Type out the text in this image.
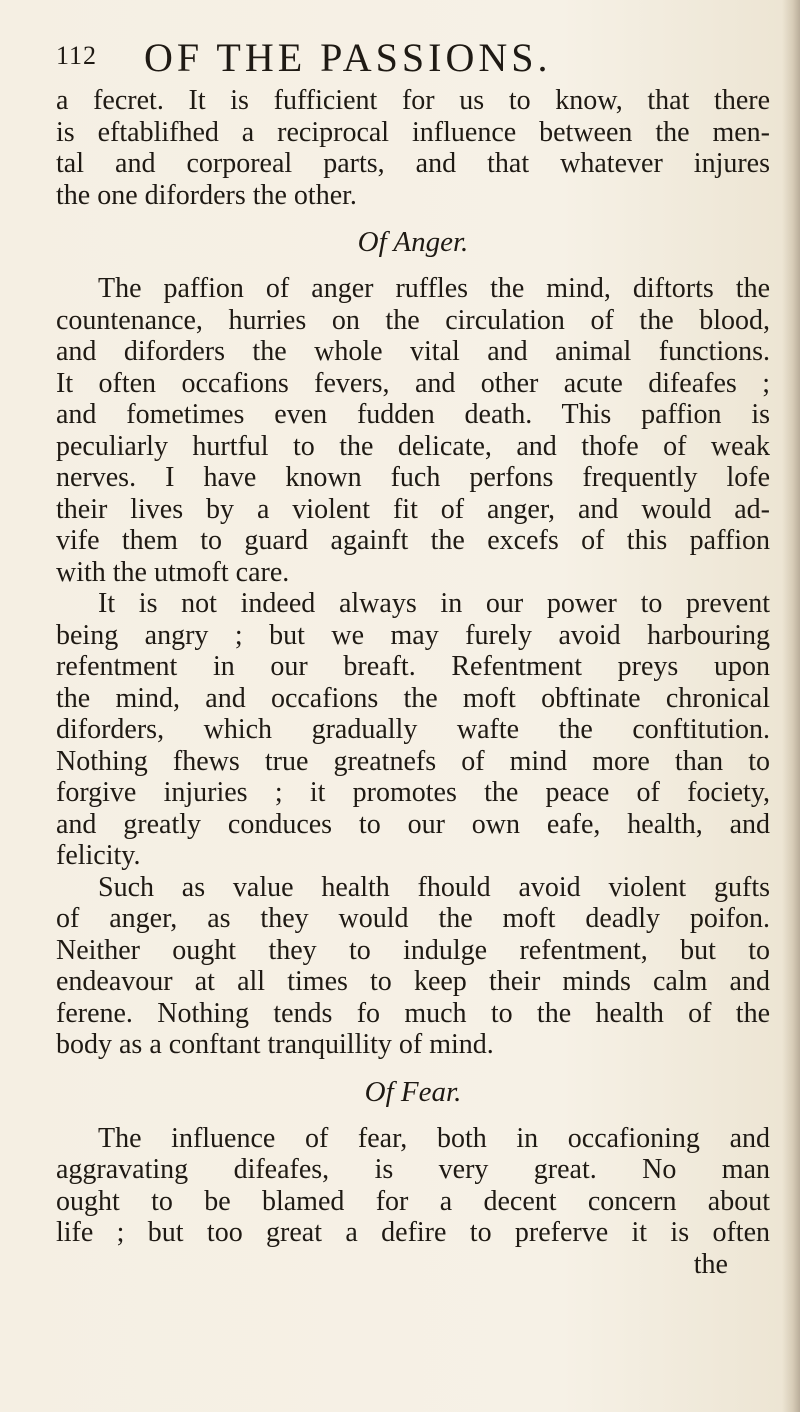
112 OF THE PASSIONS.
a fecret. It is fufficient for us to know, that there
is eftablifhed a reciprocal influence between the men-
tal and corporeal parts, and that whatever injures
the one diforders the other.
Of Anger.
The paffion of anger ruffles the mind, diftorts the
countenance, hurries on the circulation of the blood,
and diforders the whole vital and animal functions.
It often occafions fevers, and other acute difeafes ;
and fometimes even fudden death. This paffion is
peculiarly hurtful to the delicate, and thofe of weak
nerves. I have known fuch perfons frequently lofe
their lives by a violent fit of anger, and would ad-
vife them to guard againft the excefs of this paffion
with the utmoft care.
It is not indeed always in our power to prevent
being angry ; but we may furely avoid harbouring
refentment in our breaft. Refentment preys upon
the mind, and occafions the moft obftinate chronical
diforders, which gradually wafte the conftitution.
Nothing fhews true greatnefs of mind more than to
forgive injuries ; it promotes the peace of fociety,
and greatly conduces to our own eafe, health, and
felicity.
Such as value health fhould avoid violent gufts
of anger, as they would the moft deadly poifon.
Neither ought they to indulge refentment, but to
endeavour at all times to keep their minds calm and
ferene. Nothing tends fo much to the health of the
body as a conftant tranquillity of mind.
Of Fear.
The influence of fear, both in occafioning and
aggravating difeafes, is very great. No man
ought to be blamed for a decent concern about
life ; but too great a defire to preferve it is often
the
